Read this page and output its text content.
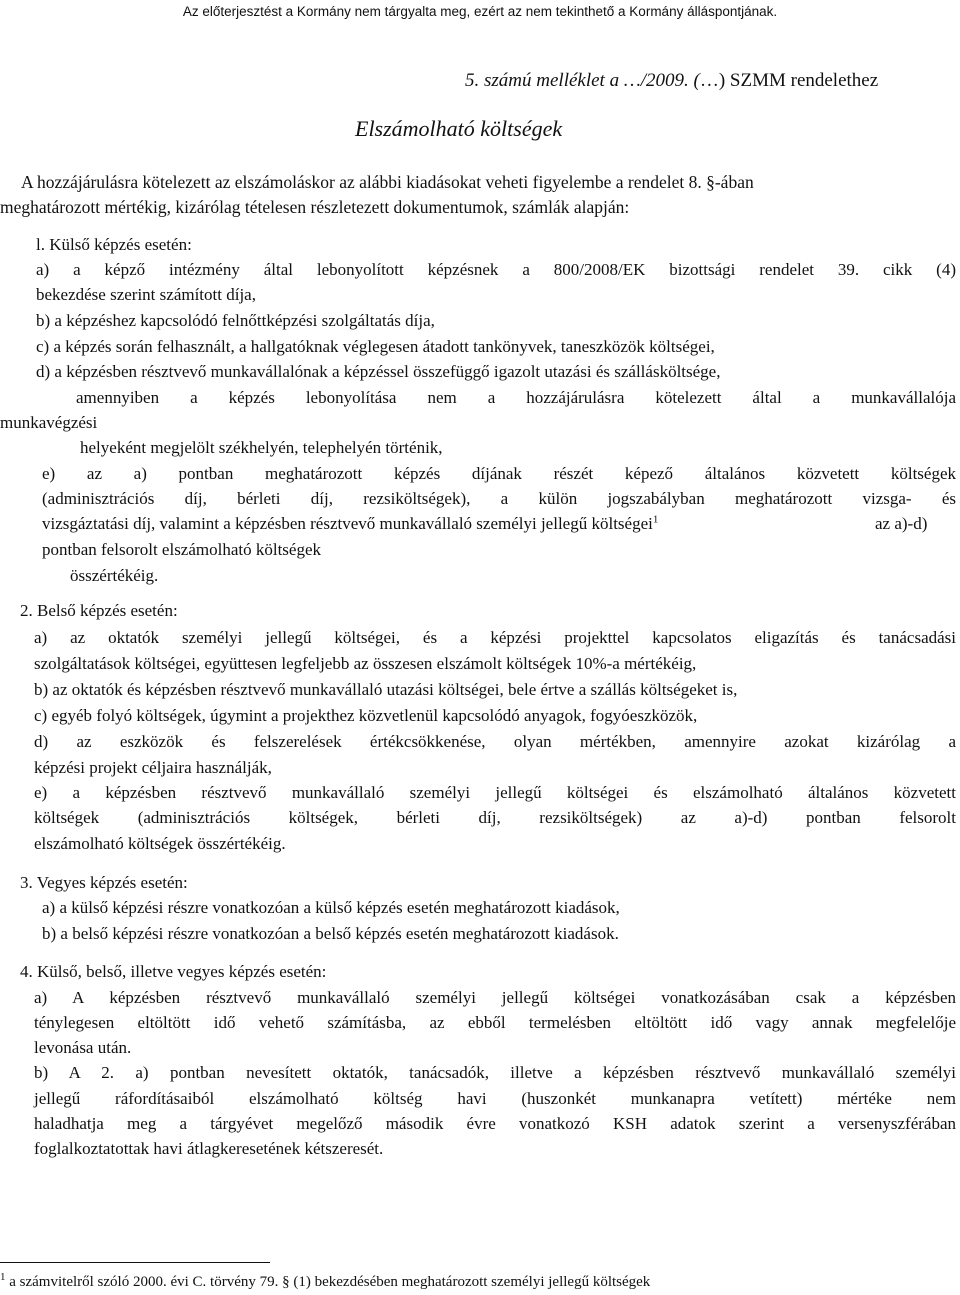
Az előterjesztést a Kormány nem tárgyalta meg, ezért az nem tekinthető a Kormány álláspontjának.
5. számú melléklet a …/2009. (…) SZMM rendelethez
Elszámolható költségek
A hozzájárulásra kötelezett az elszámoláskor az alábbi kiadásokat veheti figyelembe a rendelet 8. §-ában
meghatározott mértékig, kizárólag tételesen részletezett dokumentumok, számlák alapján:
l. Külső képzés esetén:
a) a képző intézmény által lebonyolított képzésnek a 800/2008/EK bizottsági rendelet 39. cikk (4)
bekezdése szerint számított díja,
b) a képzéshez kapcsolódó felnőttképzési szolgáltatás díja,
c) a képzés során felhasznált, a hallgatóknak véglegesen átadott tankönyvek, taneszközök költségei,
d) a képzésben résztvevő munkavállalónak a képzéssel összefüggő igazolt utazási és szállásköltsége,
amennyiben a képzés lebonyolítása nem a hozzájárulásra kötelezett által a munkavállalója
munkavégzési
helyeként megjelölt székhelyén, telephelyén történik,
e) az a) pontban meghatározott képzés díjának részét képező általános közvetett költségek
(adminisztrációs díj, bérleti díj, rezsiköltségek), a külön jogszabályban meghatározott vizsga- és
vizsgáztatási díj, valamint a képzésben résztvevő munkavállaló személyi jellegű költségei$^1$	az a)-d)
pontban felsorolt elszámolható költségek
összértékéig.
2. Belső képzés esetén:
a) az oktatók személyi jellegű költségei, és a képzési projekttel kapcsolatos eligazítás és tanácsadási
szolgáltatások költségei, együttesen legfeljebb az összesen elszámolt költségek 10%-a mértékéig,
b) az oktatók és képzésben résztvevő munkavállaló utazási költségei, bele értve a szállás költségeket is,
c) egyéb folyó költségek, úgymint a projekthez közvetlenül kapcsolódó anyagok, fogyóeszközök,
d) az eszközök és felszerelések értékcsökkenése, olyan mértékben, amennyire azokat kizárólag a
képzési projekt céljaira használják,
e) a képzésben résztvevő munkavállaló személyi jellegű költségei és elszámolható általános közvetett
költségek (adminisztrációs költségek, bérleti díj, rezsiköltségek) az a)-d) pontban felsorolt
elszámolható költségek összértékéig.
3. Vegyes képzés esetén:
a) a külső képzési részre vonatkozóan a külső képzés esetén meghatározott kiadások,
b) a belső képzési részre vonatkozóan a belső képzés esetén meghatározott kiadások.
4. Külső, belső, illetve vegyes képzés esetén:
a) A képzésben résztvevő munkavállaló személyi jellegű költségei vonatkozásában csak a képzésben
ténylegesen eltöltött idő vehető számításba, az ebből termelésben eltöltött idő vagy annak megfelelője
levonása után.
b) A 2. a) pontban nevesített oktatók, tanácsadók, illetve a képzésben résztvevő munkavállaló személyi
jellegű ráfordításaiból elszámolható költség havi (huszonkét munkanapra vetített) mértéke nem
haladhatja meg a tárgyévet megelőző második évre vonatkozó KSH adatok szerint a versenyszférában
foglalkoztatottak havi átlagkeresetének kétszeresét.
$^1$ a számvitelről szóló 2000. évi C. törvény 79. § (1) bekezdésében meghatározott személyi jellegű költségek
